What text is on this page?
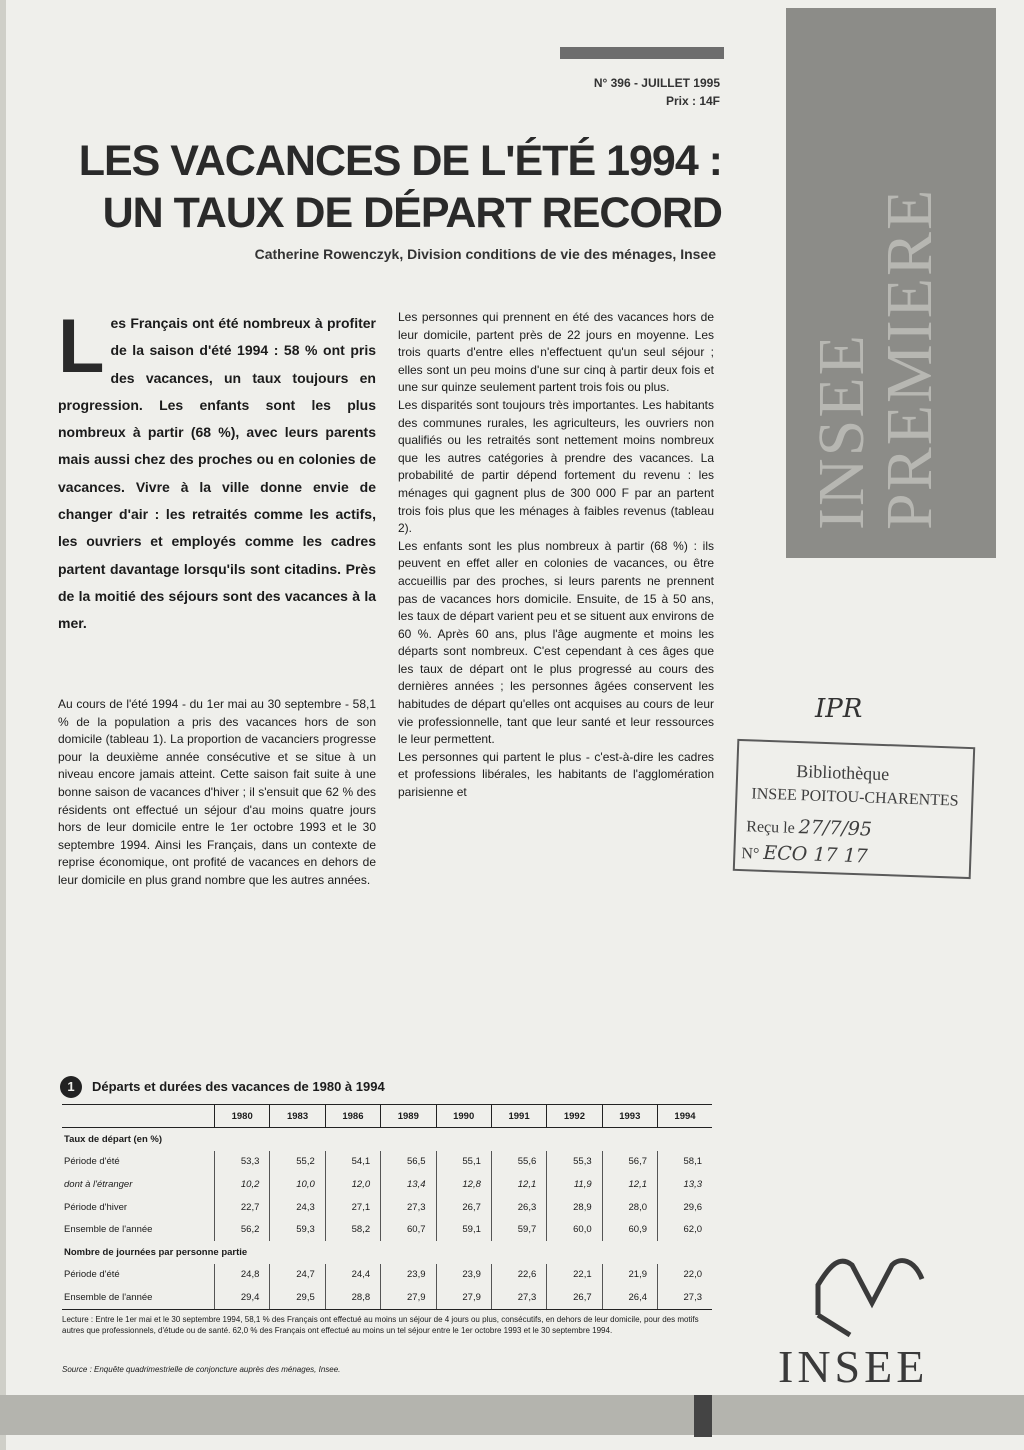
N° 396 - JUILLET 1995
Prix : 14F
LES VACANCES DE L'ÉTÉ 1994 :
UN TAUX DE DÉPART RECORD
Catherine Rowenczyk, Division conditions de vie des ménages, Insee
INSEE
PREMIERE
Les Français ont été nombreux à profiter de la saison d'été 1994 : 58 % ont pris des vacances, un taux toujours en progression. Les enfants sont les plus nombreux à partir (68 %), avec leurs parents mais aussi chez des proches ou en colonies de vacances. Vivre à la ville donne envie de changer d'air : les retraités comme les actifs, les ouvriers et employés comme les cadres partent davantage lorsqu'ils sont citadins. Près de la moitié des séjours sont des vacances à la mer.

Au cours de l'été 1994 - du 1er mai au 30 septembre - 58,1 % de la population a pris des vacances hors de son domicile (tableau 1). La proportion de vacanciers progresse pour la deuxième année consécutive et se situe à un niveau encore jamais atteint. Cette saison fait suite à une bonne saison de vacances d'hiver ; il s'ensuit que 62 % des résidents ont effectué un séjour d'au moins quatre jours hors de leur domicile entre le 1er octobre 1993 et le 30 septembre 1994. Ainsi les Français, dans un contexte de reprise économique, ont profité de vacances en dehors de leur domicile en plus grand nombre que les autres années.

Les personnes qui prennent en été des vacances hors de leur domicile, partent près de 22 jours en moyenne. Les trois quarts d'entre elles n'effectuent qu'un seul séjour ; elles sont un peu moins d'une sur cinq à partir deux fois et une sur quinze seulement partent trois fois ou plus.

Les disparités sont toujours très importantes. Les habitants des communes rurales, les agriculteurs, les ouvriers non qualifiés ou les retraités sont nettement moins nombreux que les autres catégories à prendre des vacances. La probabilité de partir dépend fortement du revenu : les ménages qui gagnent plus de 300 000 F par an partent trois fois plus que les ménages à faibles revenus (tableau 2).

Les enfants sont les plus nombreux à partir (68 %) : ils peuvent en effet aller en colonies de vacances, ou être accueillis par des proches, si leurs parents ne prennent pas de vacances hors domicile. Ensuite, de 15 à 50 ans, les taux de départ varient peu et se situent aux environs de 60 %. Après 60 ans, plus l'âge augmente et moins les départs sont nombreux. C'est cependant à ces âges que les taux de départ ont le plus progressé au cours des dernières années ; les personnes âgées conservent les habitudes de départ qu'elles ont acquises au cours de leur vie professionnelle, tant que leur santé et leur ressources le leur permettent.

Les personnes qui partent le plus - c'est-à-dire les cadres et professions libérales, les habitants de l'agglomération parisienne et

IPR
Bibliothèque
INSEE POITOU-CHARENTES
Reçu le 27/7/95
N° ECO 17 17
1 Départs et durées des vacances de 1980 à 1994
	1980	1983	1986	1989	1990	1991	1992	1993	1994
Taux de départ (en %)									
Période d'été	53,3	55,2	54,1	56,5	55,1	55,6	55,3	56,7	58,1
dont à l'étranger	10,2	10,0	12,0	13,4	12,8	12,1	11,9	12,1	13,3
Période d'hiver	22,7	24,3	27,1	27,3	26,7	26,3	28,9	28,0	29,6
Ensemble de l'année	56,2	59,3	58,2	60,7	59,1	59,7	60,0	60,9	62,0
Nombre de journées par personne partie									
Période d'été	24,8	24,7	24,4	23,9	23,9	22,6	22,1	21,9	22,0
Ensemble de l'année	29,4	29,5	28,8	27,9	27,9	27,3	26,7	26,4	27,3
Lecture : Entre le 1er mai et le 30 septembre 1994, 58,1 % des Français ont effectué au moins un séjour de 4 jours ou plus, consécutifs, en dehors de leur domicile, pour des motifs autres que professionnels, d'étude ou de santé. 62,0 % des Français ont effectué au moins un tel séjour entre le 1er octobre 1993 et le 30 septembre 1994.
Source : Enquête quadrimestrielle de conjoncture auprès des ménages, Insee.	INSEE
